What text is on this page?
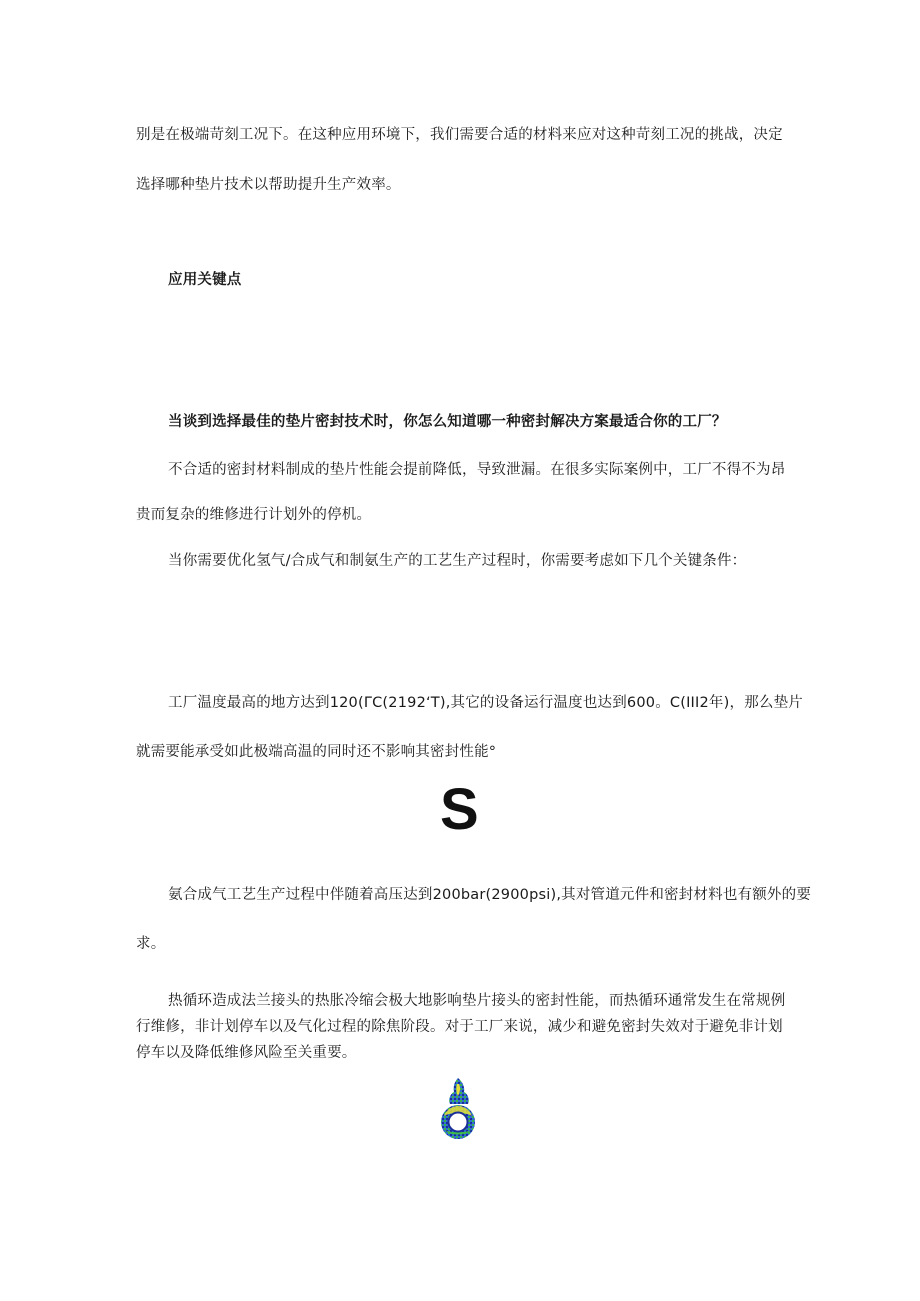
别是在极端苛刻工况下。在这种应用环境下，我们需要合适的材料来应对这种苛刻工况的挑战，决定
选择哪种垫片技术以帮助提升生产效率。
应用关键点
当谈到选择最佳的垫片密封技术时，你怎么知道哪一种密封解决方案最适合你的工厂？
不合适的密封材料制成的垫片性能会提前降低，导致泄漏。在很多实际案例中，工厂不得不为昂
贵而复杂的维修进行计划外的停机。
当你需要优化氢气/合成气和制氨生产的工艺生产过程时，你需要考虑如下几个关键条件：
工厂温度最高的地方达到120(ΓC(2192‘T),其它的设备运行温度也达到600。C(III2年)，那么垫片
就需要能承受如此极端高温的同时还不影响其密封性能°
S
氨合成气工艺生产过程中伴随着高压达到200bar(2900psi),其对管道元件和密封材料也有额外的要
求。
热循环造成法兰接头的热胀冷缩会极大地影响垫片接头的密封性能，而热循环通常发生在常规例
行维修，非计划停车以及气化过程的除焦阶段。对于工厂来说，减少和避免密封失效对于避免非计划
停车以及降低维修风险至关重要。
